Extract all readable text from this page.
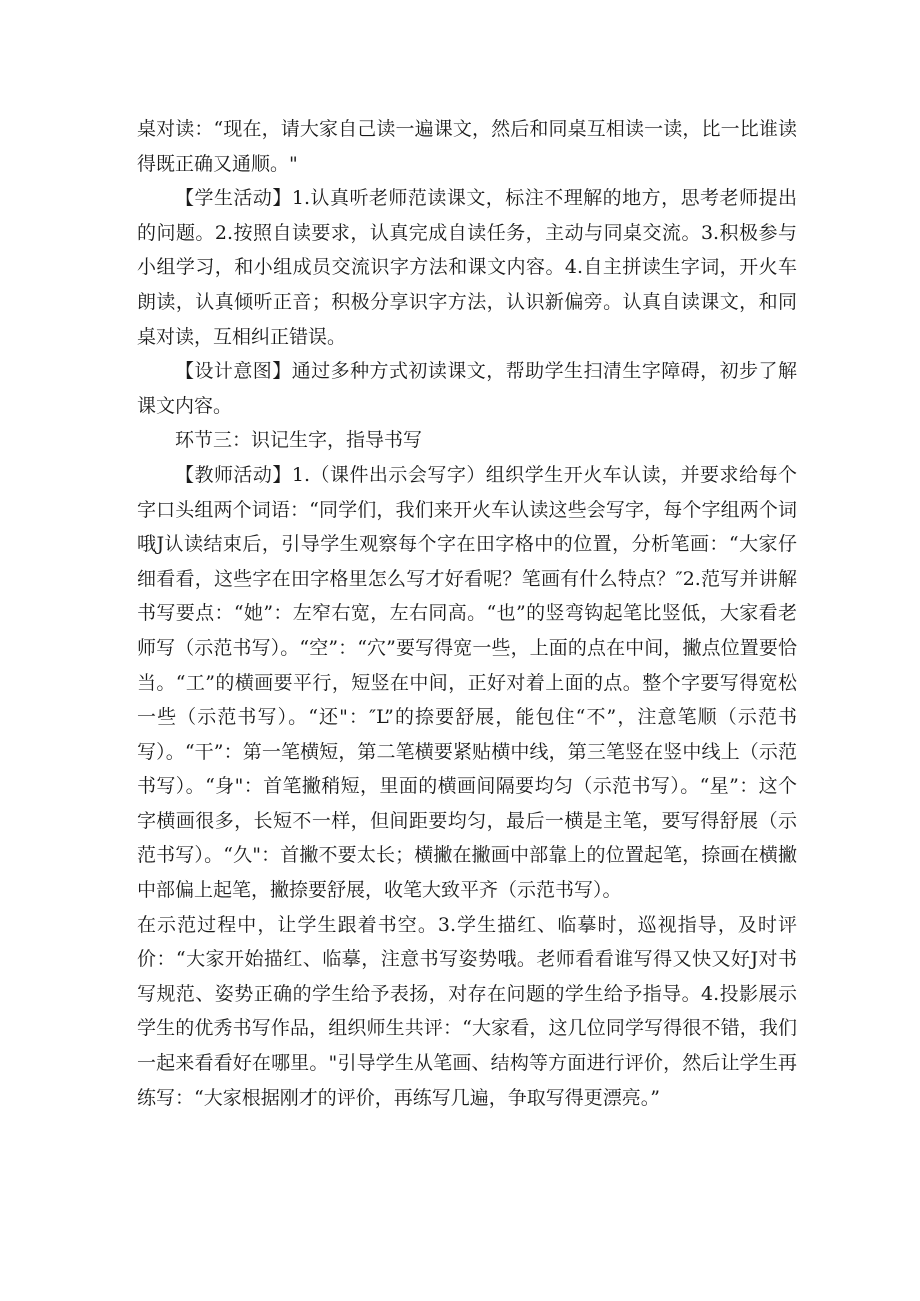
桌对读：“现在，请大家自己读一遍课文，然后和同桌互相读一读，比一比谁读得既正确又通顺。"

【学生活动】1.认真听老师范读课文，标注不理解的地方，思考老师提出的问题。2.按照自读要求，认真完成自读任务，主动与同桌交流。3.积极参与小组学习，和小组成员交流识字方法和课文内容。4.自主拼读生字词，开火车朗读，认真倾听正音；积极分享识字方法，认识新偏旁。认真自读课文，和同桌对读，互相纠正错误。

【设计意图】通过多种方式初读课文，帮助学生扫清生字障碍，初步了解课文内容。

环节三：识记生字，指导书写

【教师活动】1.（课件出示会写字）组织学生开火车认读，并要求给每个字口头组两个词语：“同学们，我们来开火车认读这些会写字，每个字组两个词哦J认读结束后，引导学生观察每个字在田字格中的位置，分析笔画：“大家仔细看看，这些字在田字格里怎么写才好看呢？笔画有什么特点？″2.范写并讲解书写要点：“她”：左窄右宽，左右同高。“也”的竖弯钩起笔比竖低，大家看老师写（示范书写）。“空”：“穴”要写得宽一些，上面的点在中间，撇点位置要恰当。“工”的横画要平行，短竖在中间，正好对着上面的点。整个字要写得宽松一些（示范书写）。“还"：″L”的捺要舒展，能包住“不”，注意笔顺（示范书写）。“干”：第一笔横短，第二笔横要紧贴横中线，第三笔竖在竖中线上（示范书写）。“身"：首笔撇稍短，里面的横画间隔要均匀（示范书写）。“星”：这个字横画很多，长短不一样，但间距要均匀，最后一横是主笔，要写得舒展（示范书写）。“久"：首撇不要太长；横撇在撇画中部靠上的位置起笔，捺画在横撇中部偏上起笔，撇捺要舒展，收笔大致平齐（示范书写）。

在示范过程中，让学生跟着书空。3.学生描红、临摹时，巡视指导，及时评价：“大家开始描红、临摹，注意书写姿势哦。老师看看谁写得又快又好J对书写规范、姿势正确的学生给予表扬，对存在问题的学生给予指导。4.投影展示学生的优秀书写作品，组织师生共评：“大家看，这几位同学写得很不错，我们一起来看看好在哪里。"引导学生从笔画、结构等方面进行评价，然后让学生再练写：“大家根据刚才的评价，再练写几遍，争取写得更漂亮。”
